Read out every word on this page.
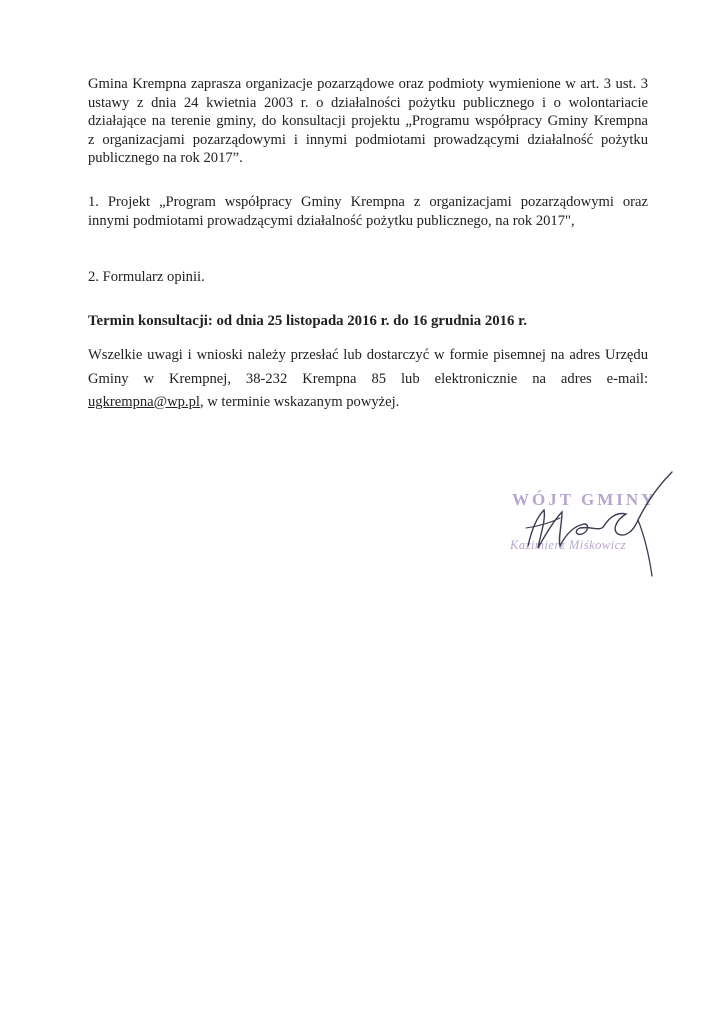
Gmina Krempna zaprasza organizacje pozarządowe oraz podmioty wymienione w art. 3 ust. 3
ustawy z dnia 24 kwietnia 2003 r. o działalności pożytku publicznego i o wolontariacie
działające na terenie gminy, do konsultacji projektu „Programu współpracy Gminy Krempna
z organizacjami pozarządowymi i innymi podmiotami prowadzącymi działalność pożytku
publicznego na rok 2017”.

1. Projekt „Program współpracy Gminy Krempna z organizacjami pozarządowymi oraz
innymi podmiotami prowadzącymi działalność pożytku publicznego, na rok 2017",

2. Formularz opinii.

Termin konsultacji: od dnia 25 listopada 2016 r. do 16 grudnia 2016 r.

Wszelkie uwagi i wnioski należy przesłać lub dostarczyć w formie pisemnej na adres Urzędu
Gminy w Krempnej, 38-232 Krempna 85 lub elektronicznie na adres e-mail:
ugkrempna@wp.pl, w terminie wskazanym powyżej.

WÓJT GMINY
Kazimierz Miśkowicz
